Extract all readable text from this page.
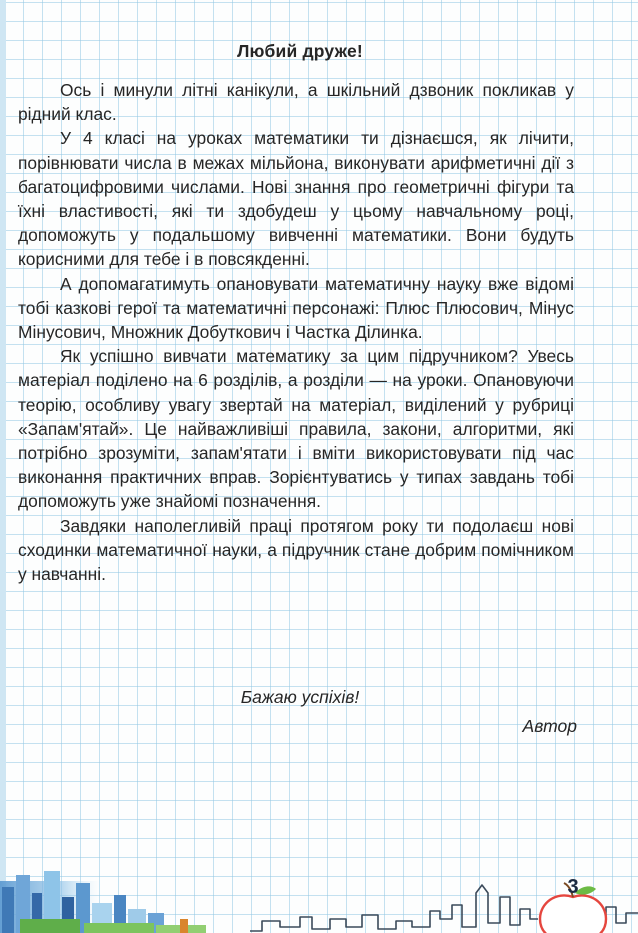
Любий друже!

Ось і минули літні канікули, а шкільний дзвоник покликав у рідний клас.

У 4 класі на уроках математики ти дізнаєшся, як лічити, порівнювати числа в межах мільйона, виконувати арифметичні дії з багатоцифровими числами. Нові знання про геометричні фігури та їхні властивості, які ти здобудеш у цьому навчальному році, допоможуть у подальшому вивченні математики. Вони будуть корисними для тебе і в повсякденні.

А допомагатимуть опановувати математичну науку вже відомі тобі казкові герої та математичні персонажі: Плюс Плюсович, Мінус Мінусович, Множник Добуткович і Частка Ділинка.

Як успішно вивчати математику за цим підручником? Увесь матеріал поділено на 6 розділів, а розділи — на уроки. Опановуючи теорію, особливу увагу звертай на матеріал, виділений у рубриці «Запам'ятай». Це найважливіші правила, закони, алгоритми, які потрібно зрозуміти, запам'ятати і вміти використовувати під час виконання практичних вправ. Зорієнтуватись у типах завдань тобі допоможуть уже знайомі позначення.

Завдяки наполегливій праці протягом року ти подолаєш нові сходинки математичної науки, а підручник стане добрим помічником у навчанні.

Бажаю успіхів!
Автор
3
